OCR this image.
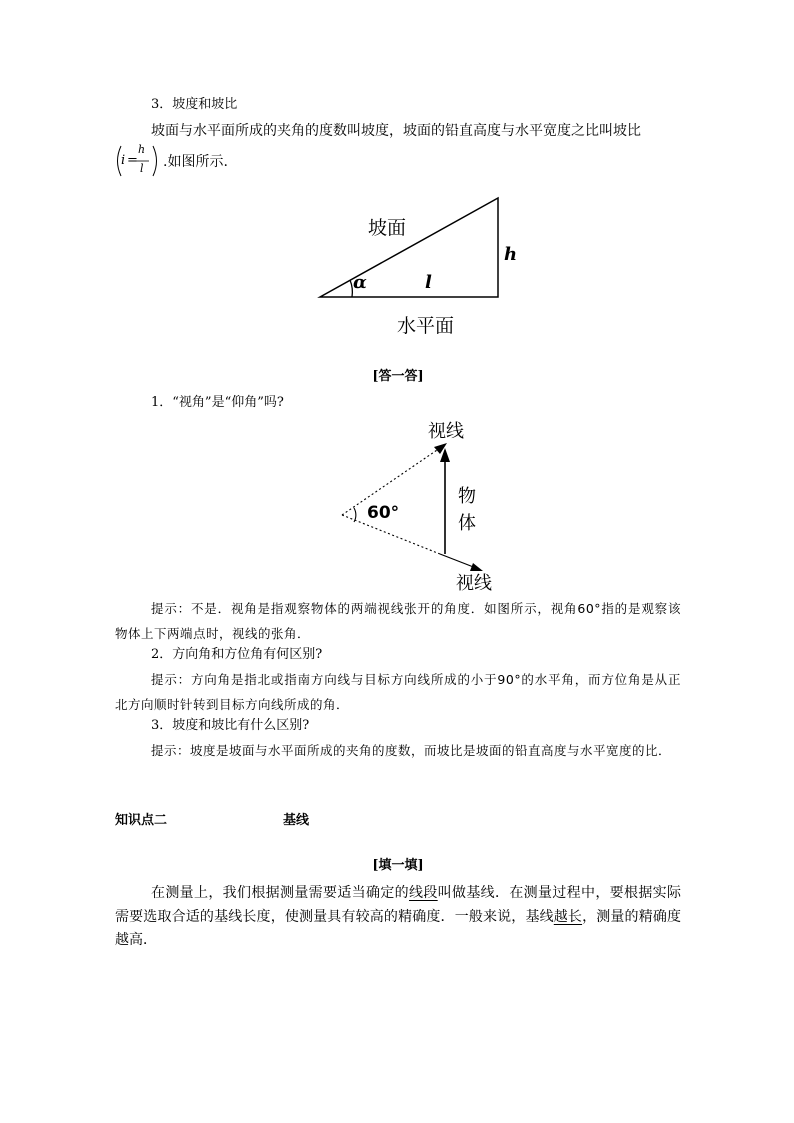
3．坡度和坡比
坡面与水平面所成的夹角的度数叫坡度，坡面的铅直高度与水平宽度之比叫坡比
i =
h
l .如图所示.
坡面
h
α	l
水平面
[答一答]
1．“视角”是“仰角”吗?
视线
视线
60°
物
体
提示：不是．视角是指观察物体的两端视线张开的角度．如图所示，视角60°指的是观察该物体上下两端点时，视线的张角．
2．方向角和方位角有何区别?
提示：方向角是指北或指南方向线与目标方向线所成的小于90°的水平角，而方位角是从正北方向顺时针转到目标方向线所成的角．
3．坡度和坡比有什么区别?
提示：坡度是坡面与水平面所成的夹角的度数，而坡比是坡面的铅直高度与水平宽度的比．
知识点二	基线
[填一填]
在测量上，我们根据测量需要适当确定的线段叫做基线．在测量过程中，要根据实际需要选取合适的基线长度，使测量具有较高的精确度．一般来说，基线越长，测量的精确度越高．
